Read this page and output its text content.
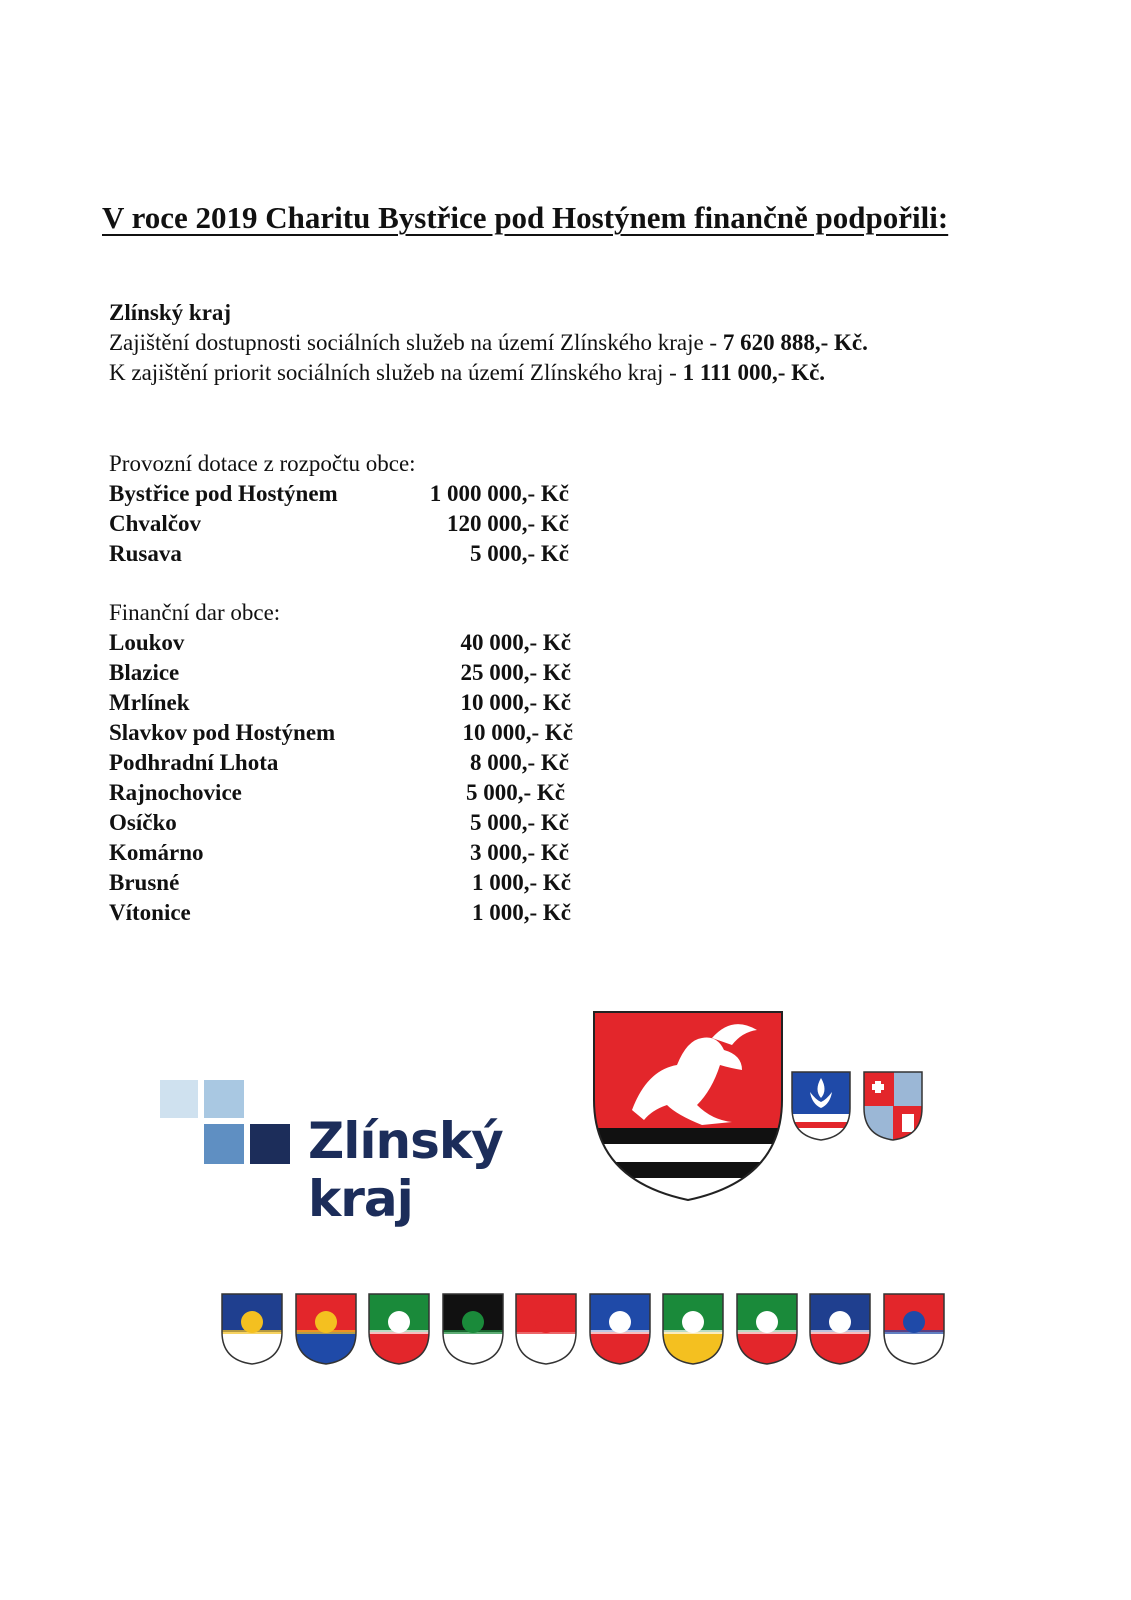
V roce 2019 Charitu Bystřice pod Hostýnem finančně podpořili:
Zlínský kraj
Zajištění dostupnosti sociálních služeb na území Zlínského kraje - 7 620 888,- Kč.
K zajištění priorit sociálních služeb na území Zlínského kraj - 1 111 000,- Kč.
Provozní dotace z rozpočtu obce:
Bystřice pod Hostýnem	1 000 000,- Kč
Chvalčov	120 000,- Kč
Rusava	5 000,- Kč
Finanční dar obce:
Loukov	40 000,- Kč
Blazice	25 000,- Kč
Mrlínek	10 000,- Kč
Slavkov pod Hostýnem	10 000,- Kč
Podhradní Lhota	8 000,- Kč
Rajnochovice	5 000,- Kč
Osíčko	5 000,- Kč
Komárno	3 000,- Kč
Brusné	1 000,- Kč
Vítonice	1 000,- Kč
Zlínský kraj
